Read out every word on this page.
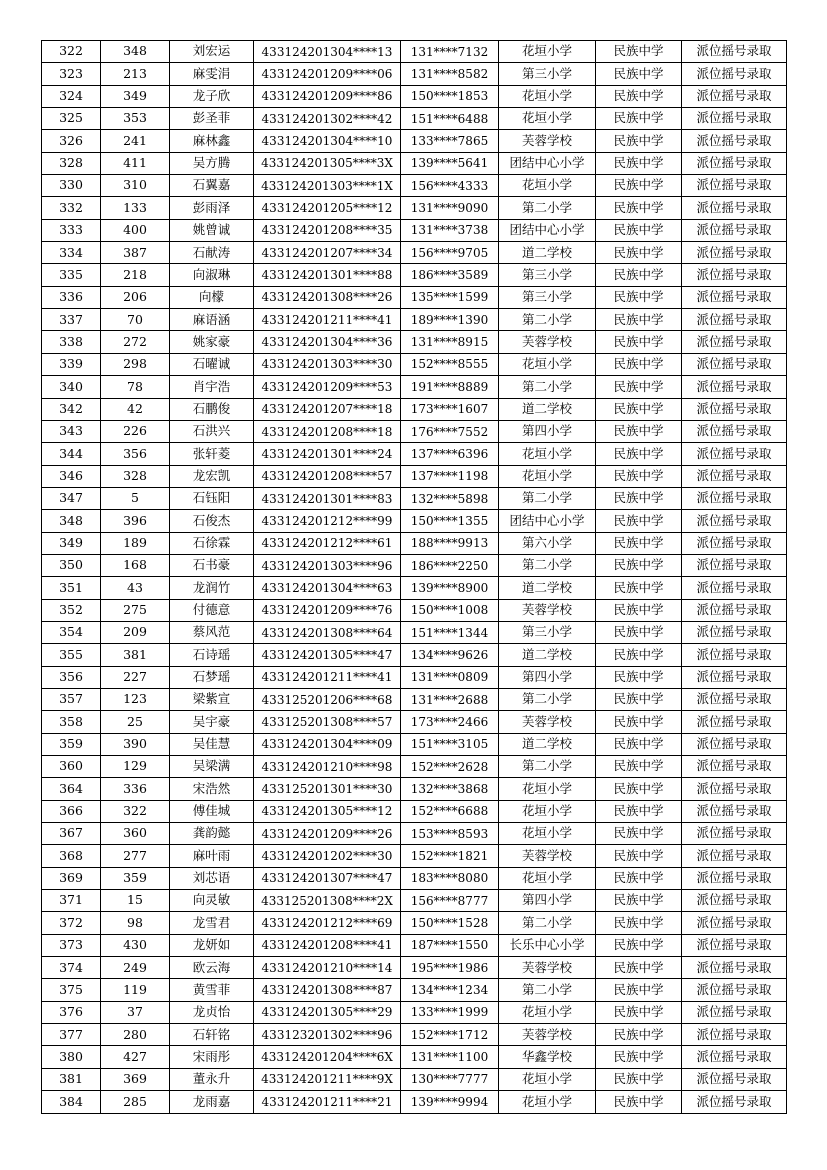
322	348	刘宏运	433124201304****13	131****7132	花垣小学	民族中学	派位摇号录取
323	213	麻雯涓	433124201209****06	131****8582	第三小学	民族中学	派位摇号录取
324	349	龙子欣	433124201209****86	150****1853	花垣小学	民族中学	派位摇号录取
325	353	彭圣菲	433124201302****42	151****6488	花垣小学	民族中学	派位摇号录取
326	241	麻林鑫	433124201304****10	133****7865	芙蓉学校	民族中学	派位摇号录取
328	411	吴方腾	433124201305****3X	139****5641	团结中心小学	民族中学	派位摇号录取
330	310	石翼嘉	433124201303****1X	156****4333	花垣小学	民族中学	派位摇号录取
332	133	彭雨泽	433124201205****12	131****9090	第二小学	民族中学	派位摇号录取
333	400	姚曾诚	433124201208****35	131****3738	团结中心小学	民族中学	派位摇号录取
334	387	石献涛	433124201207****34	156****9705	道二学校	民族中学	派位摇号录取
335	218	向淑琳	433124201301****88	186****3589	第三小学	民族中学	派位摇号录取
336	206	向檬	433124201308****26	135****1599	第三小学	民族中学	派位摇号录取
337	70	麻语涵	433124201211****41	189****1390	第二小学	民族中学	派位摇号录取
338	272	姚家豪	433124201304****36	131****8915	芙蓉学校	民族中学	派位摇号录取
339	298	石曜诚	433124201303****30	152****8555	花垣小学	民族中学	派位摇号录取
340	78	肖宇浩	433124201209****53	191****8889	第二小学	民族中学	派位摇号录取
342	42	石鹏俊	433124201207****18	173****1607	道二学校	民族中学	派位摇号录取
343	226	石洪兴	433124201208****18	176****7552	第四小学	民族中学	派位摇号录取
344	356	张轩菱	433124201301****24	137****6396	花垣小学	民族中学	派位摇号录取
346	328	龙宏凯	433124201208****57	137****1198	花垣小学	民族中学	派位摇号录取
347	5	石钰阳	433124201301****83	132****5898	第二小学	民族中学	派位摇号录取
348	396	石俊杰	433124201212****99	150****1355	团结中心小学	民族中学	派位摇号录取
349	189	石徐霖	433124201212****61	188****9913	第六小学	民族中学	派位摇号录取
350	168	石书豪	433124201303****96	186****2250	第二小学	民族中学	派位摇号录取
351	43	龙润竹	433124201304****63	139****8900	道二学校	民族中学	派位摇号录取
352	275	付德意	433124201209****76	150****1008	芙蓉学校	民族中学	派位摇号录取
354	209	蔡风范	433124201308****64	151****1344	第三小学	民族中学	派位摇号录取
355	381	石诗瑶	433124201305****47	134****9626	道二学校	民族中学	派位摇号录取
356	227	石梦瑶	433124201211****41	131****0809	第四小学	民族中学	派位摇号录取
357	123	梁紫宣	433125201206****68	131****2688	第二小学	民族中学	派位摇号录取
358	25	吴宇豪	433125201308****57	173****2466	芙蓉学校	民族中学	派位摇号录取
359	390	吴佳慧	433124201304****09	151****3105	道二学校	民族中学	派位摇号录取
360	129	吴梁满	433124201210****98	152****2628	第二小学	民族中学	派位摇号录取
364	336	宋浩然	433125201301****30	132****3868	花垣小学	民族中学	派位摇号录取
366	322	傅佳城	433124201305****12	152****6688	花垣小学	民族中学	派位摇号录取
367	360	龚韵懿	433124201209****26	153****8593	花垣小学	民族中学	派位摇号录取
368	277	麻叶雨	433124201202****30	152****1821	芙蓉学校	民族中学	派位摇号录取
369	359	刘芯语	433124201307****47	183****8080	花垣小学	民族中学	派位摇号录取
371	15	向灵敏	433125201308****2X	156****8777	第四小学	民族中学	派位摇号录取
372	98	龙雪君	433124201212****69	150****1528	第二小学	民族中学	派位摇号录取
373	430	龙妍如	433124201208****41	187****1550	长乐中心小学	民族中学	派位摇号录取
374	249	欧云海	433124201210****14	195****1986	芙蓉学校	民族中学	派位摇号录取
375	119	黄雪菲	433124201308****87	134****1234	第二小学	民族中学	派位摇号录取
376	37	龙贞怡	433124201305****29	133****1999	花垣小学	民族中学	派位摇号录取
377	280	石轩铭	433123201302****96	152****1712	芙蓉学校	民族中学	派位摇号录取
380	427	宋雨彤	433124201204****6X	131****1100	华鑫学校	民族中学	派位摇号录取
381	369	董永升	433124201211****9X	130****7777	花垣小学	民族中学	派位摇号录取
384	285	龙雨嘉	433124201211****21	139****9994	花垣小学	民族中学	派位摇号录取
